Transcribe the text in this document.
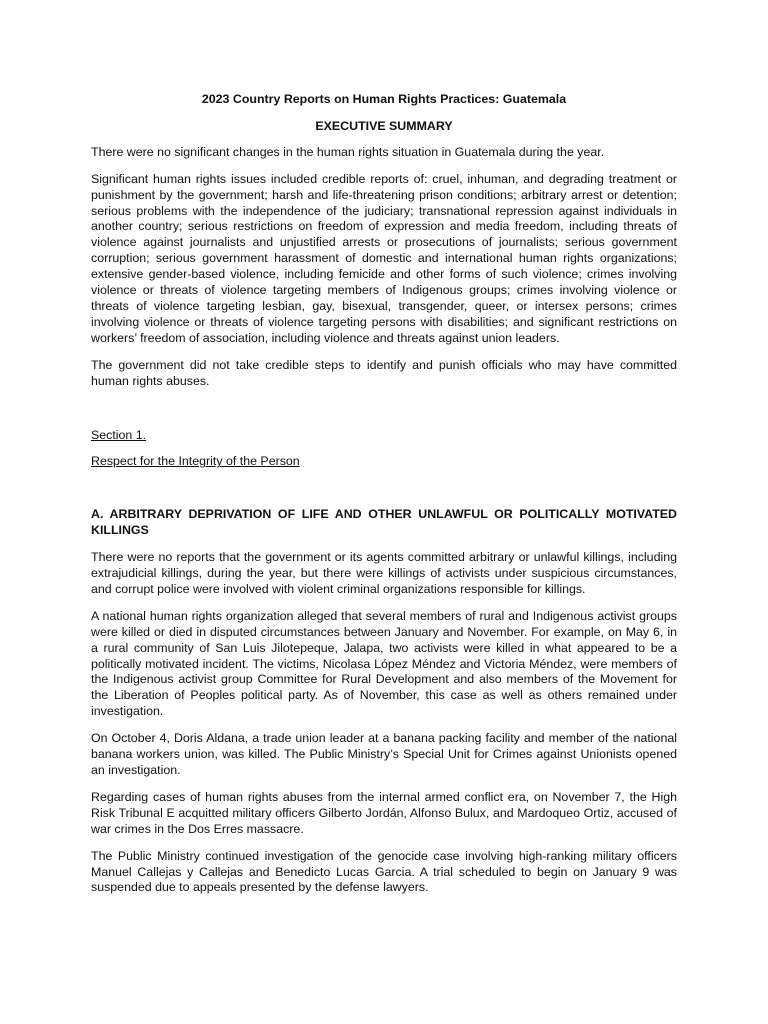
2023 Country Reports on Human Rights Practices: Guatemala
EXECUTIVE SUMMARY

There were no significant changes in the human rights situation in Guatemala during the year.

Significant human rights issues included credible reports of: cruel, inhuman, and degrading treatment or punishment by the government; harsh and life-threatening prison conditions; arbitrary arrest or detention; serious problems with the independence of the judiciary; transnational repression against individuals in another country; serious restrictions on freedom of expression and media freedom, including threats of violence against journalists and unjustified arrests or prosecutions of journalists; serious government corruption; serious government harassment of domestic and international human rights organizations; extensive gender-based violence, including femicide and other forms of such violence; crimes involving violence or threats of violence targeting members of Indigenous groups; crimes involving violence or threats of violence targeting lesbian, gay, bisexual, transgender, queer, or intersex persons; crimes involving violence or threats of violence targeting persons with disabilities; and significant restrictions on workers’ freedom of association, including violence and threats against union leaders.

The government did not take credible steps to identify and punish officials who may have committed human rights abuses.

Section 1.
Respect for the Integrity of the Person
A. ARBITRARY DEPRIVATION OF LIFE AND OTHER UNLAWFUL OR POLITICALLY MOTIVATED KILLINGS

There were no reports that the government or its agents committed arbitrary or unlawful killings, including extrajudicial killings, during the year, but there were killings of activists under suspicious circumstances, and corrupt police were involved with violent criminal organizations responsible for killings.

A national human rights organization alleged that several members of rural and Indigenous activist groups were killed or died in disputed circumstances between January and November. For example, on May 6, in a rural community of San Luis Jilotepeque, Jalapa, two activists were killed in what appeared to be a politically motivated incident. The victims, Nicolasa López Méndez and Victoria Méndez, were members of the Indigenous activist group Committee for Rural Development and also members of the Movement for the Liberation of Peoples political party. As of November, this case as well as others remained under investigation.

On October 4, Doris Aldana, a trade union leader at a banana packing facility and member of the national banana workers union, was killed. The Public Ministry’s Special Unit for Crimes against Unionists opened an investigation.

Regarding cases of human rights abuses from the internal armed conflict era, on November 7, the High Risk Tribunal E acquitted military officers Gilberto Jordán, Alfonso Bulux, and Mardoqueo Ortiz, accused of war crimes in the Dos Erres massacre.

The Public Ministry continued investigation of the genocide case involving high-ranking military officers Manuel Callejas y Callejas and Benedicto Lucas Garcia. A trial scheduled to begin on January 9 was suspended due to appeals presented by the defense lawyers.
